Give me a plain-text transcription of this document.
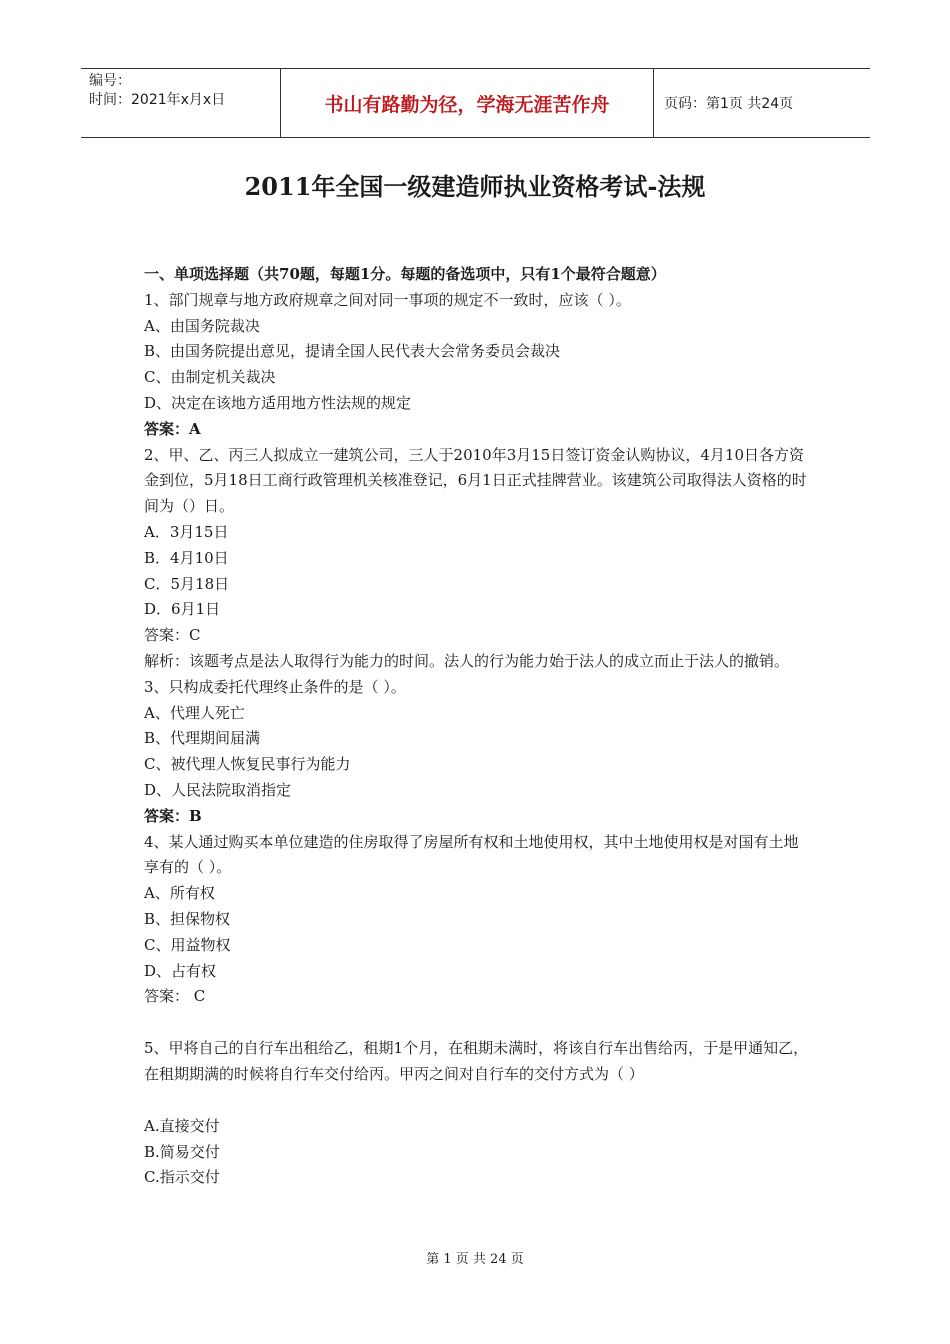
编号：
时间：2021年x月x日	书山有路勤为径，学海无涯苦作舟	页码：第1页 共24页
2011年全国一级建造师执业资格考试-法规
一、单项选择题（共70题，每题1分。每题的备选项中，只有1个最符合题意）
1、部门规章与地方政府规章之间对同一事项的规定不一致时，应该（ ）。
A、由国务院裁决
B、由国务院提出意见，提请全国人民代表大会常务委员会裁决
C、由制定机关裁决
D、决定在该地方适用地方性法规的规定
答案：A
2、甲、乙、丙三人拟成立一建筑公司，三人于2010年3月15日签订资金认购协议，4月10日各方资金到位，5月18日工商行政管理机关核准登记，6月1日正式挂牌营业。该建筑公司取得法人资格的时间为（）日。
A．3月15日
B．4月10日
C．5月18日
D．6月1日
答案：C
解析：该题考点是法人取得行为能力的时间。法人的行为能力始于法人的成立而止于法人的撤销。
3、只构成委托代理终止条件的是（ ）。
A、代理人死亡
B、代理期间届满
C、被代理人恢复民事行为能力
D、人民法院取消指定
答案：B
4、某人通过购买本单位建造的住房取得了房屋所有权和土地使用权，其中土地使用权是对国有土地享有的（ ）。
A、所有权
B、担保物权
C、用益物权
D、占有权
答案： C
5、甲将自己的自行车出租给乙，租期1个月，在租期未满时，将该自行车出售给丙，于是甲通知乙，在租期期满的时候将自行车交付给丙。甲丙之间对自行车的交付方式为（ ）
A.直接交付
B.简易交付
C.指示交付
第 1 页 共 24 页
